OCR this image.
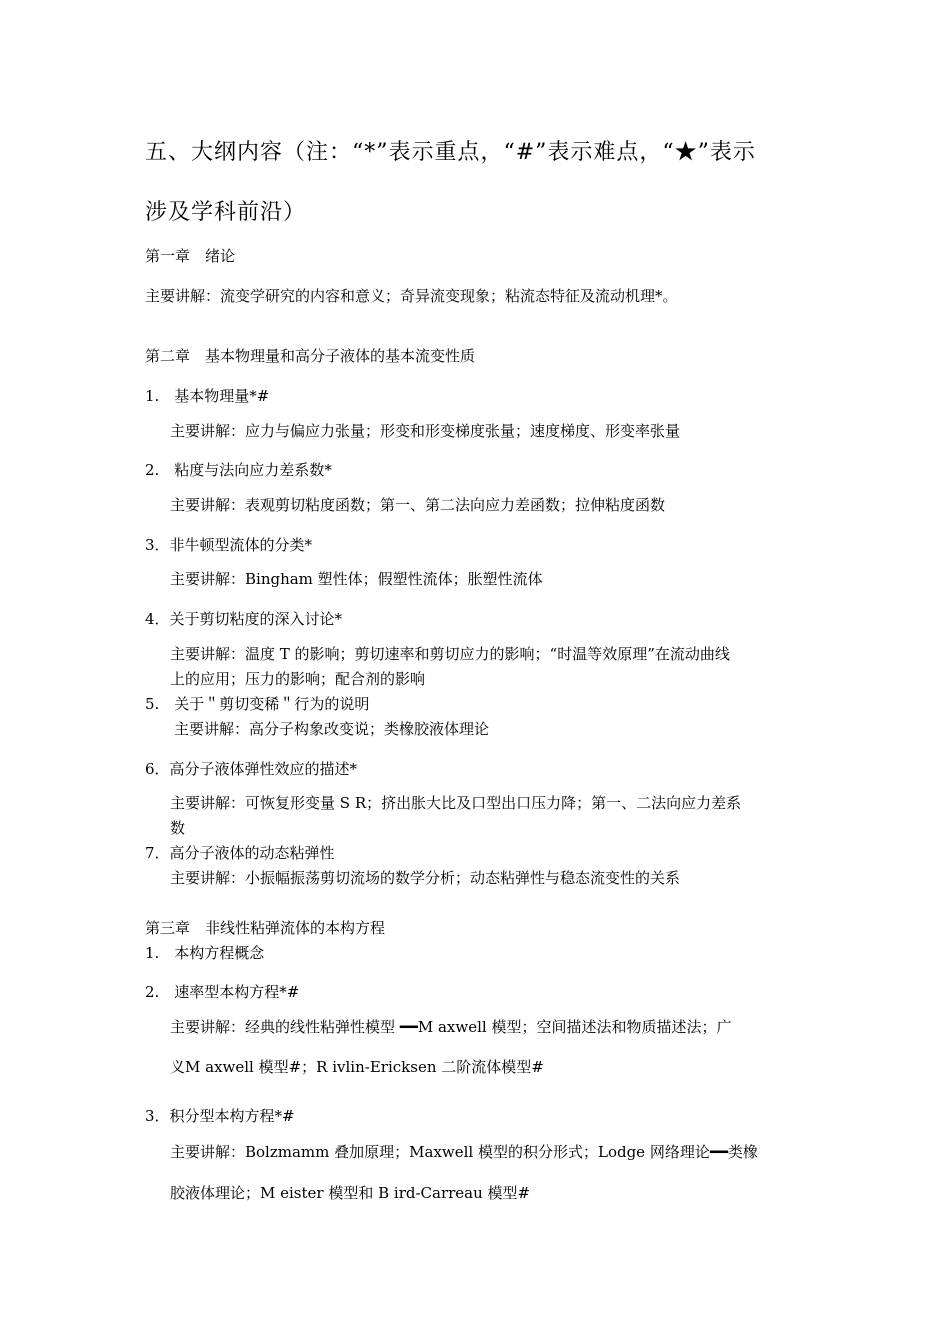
五、大纲内容（注：“*”表示重点，“#”表示难点，“★”表示
涉及学科前沿）
第一章　绪论
主要讲解：流变学研究的内容和意义；奇异流变现象；粘流态特征及流动机理*。
第二章　基本物理量和高分子液体的基本流变性质
1.　基本物理量*#
主要讲解：应力与偏应力张量；形变和形变梯度张量；速度梯度、形变率张量
2.　粘度与法向应力差系数*
主要讲解：表观剪切粘度函数；第一、第二法向应力差函数；拉伸粘度函数
3．非牛顿型流体的分类*
主要讲解：Bingham 塑性体；假塑性流体；胀塑性流体
4．关于剪切粘度的深入讨论*
主要讲解：温度 T 的影响；剪切速率和剪切应力的影响；“时温等效原理”在流动曲线
上的应用；压力的影响；配合剂的影响
5.　关于＂剪切变稀＂行为的说明
主要讲解：高分子构象改变说；类橡胶液体理论
6．高分子液体弹性效应的描述*
主要讲解：可恢复形变量 S R；挤出胀大比及口型出口压力降；第一、二法向应力差系
数
7．高分子液体的动态粘弹性
主要讲解：小振幅振荡剪切流场的数学分析；动态粘弹性与稳态流变性的关系
第三章　非线性粘弹流体的本构方程
1.　本构方程概念
2.　速率型本构方程*#
主要讲解：经典的线性粘弹性模型 ━━M axwell 模型；空间描述法和物质描述法；广
义M axwell 模型#；R ivlin-Ericksen 二阶流体模型#
3．积分型本构方程*#
主要讲解：Bolzmamm 叠加原理；Maxwell 模型的积分形式；Lodge 网络理论━━类橡
胶液体理论；M eister 模型和 B ird-Carreau 模型#
